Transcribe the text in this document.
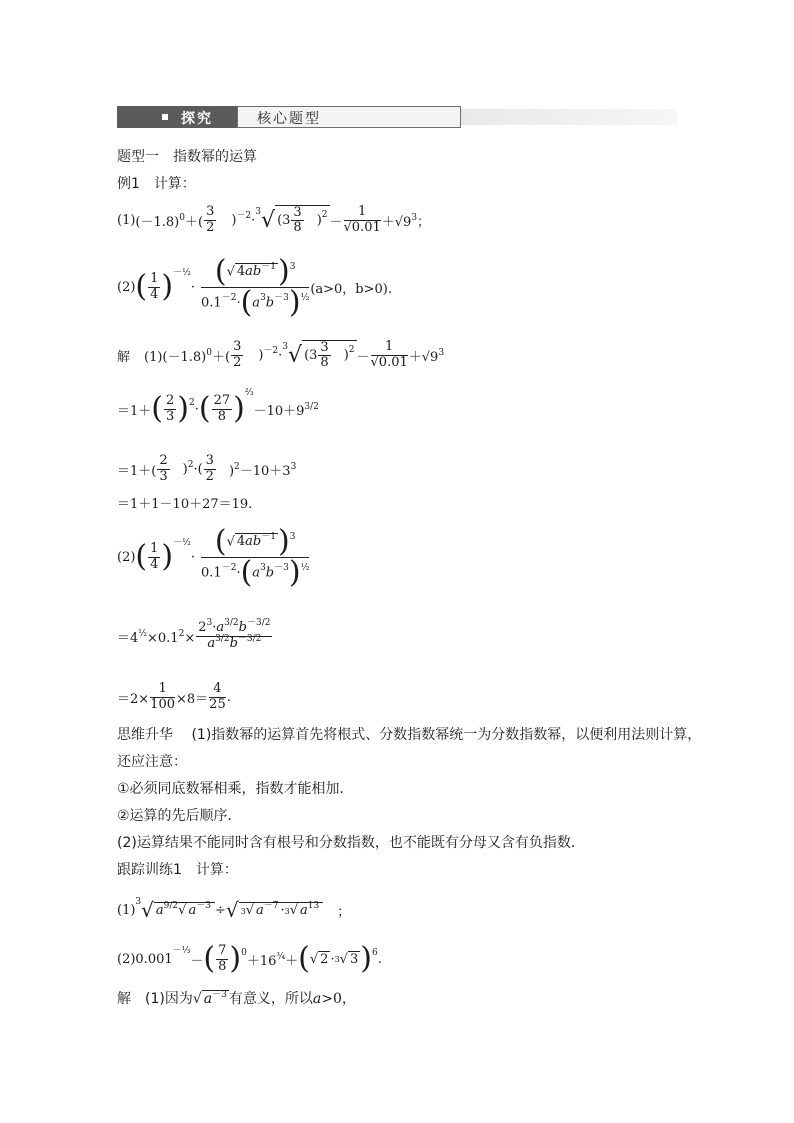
探究	核心题型
题型一　指数幂的运算
例1　计算：
(1) $(-1.8)^0+( \frac{3}{2} )^{-2}\cdot$
3 √ ($3 \frac{3}{8}$ ) $2 - \frac{1}{√0.01} +√9^3$；
(2) ( $\frac{1}{4}$ ) －½
· $\frac{(√ 4ab^{-1})^3}{0.1^{-2}\cdot(a^3b^{-3})^{\frac{1}{2}}} (a>0$，b>0).
解 $(1)(-1.8)^0+( \frac{3}{2} )^{-2}\cdot$
3 √ ($3 \frac{3}{8}$ ) $2 - \frac{1}{√0.01} +√9^3$
＝1＋ ( $\frac{2}{3}$ ) 2 · ( $\frac{27}{8}$ ) ⅔
$-10+9^{3/2}$
$=1+( \frac{2}{3} )^2\cdot( \frac{3}{2} )^2-10+3^3$
＝1＋1－10＋27＝19.
(2) ( $\frac{1}{4}$ ) －½
· $\frac{(√ 4ab^{-1})^3}{0.1^{-2}\cdot(a^3b^{-3})^{\frac{1}{2}}}$
$=4^{\frac{1}{2}}\times 0.1^2\times \frac{2^3\cdot a^{3/2}b^{-3/2}}{a^{3/2}b^{-3/2}}$
$=2\times \frac{1}{100} \times 8= \frac{4}{25}$ .
思维升华 (1)指数幂的运算首先将根式、分数指数幂统一为分数指数幂，以便利用法则计算，
还应注意：
①必须同底数幂相乘，指数才能相加．
②运算的先后顺序．
(2)运算结果不能同时含有根号和分数指数，也不能既有分母又含有负指数．
跟踪训练1　计算：
(1)
3 √ $a^{9/2}√$ $a^{-3}$ ÷ √ 3√ $a^{-7} \cdot 3√$ $a^{13}$	；
(2)0.001
－⅓
－ ( $\frac{7}{8}$ ) 0
$+16^{\frac{3}{4}}+$ ( √ 2 · 3 √ 3 ) 6 .
解　(1)因为√ $a^{-3}$ 有意义，所以a>0，
